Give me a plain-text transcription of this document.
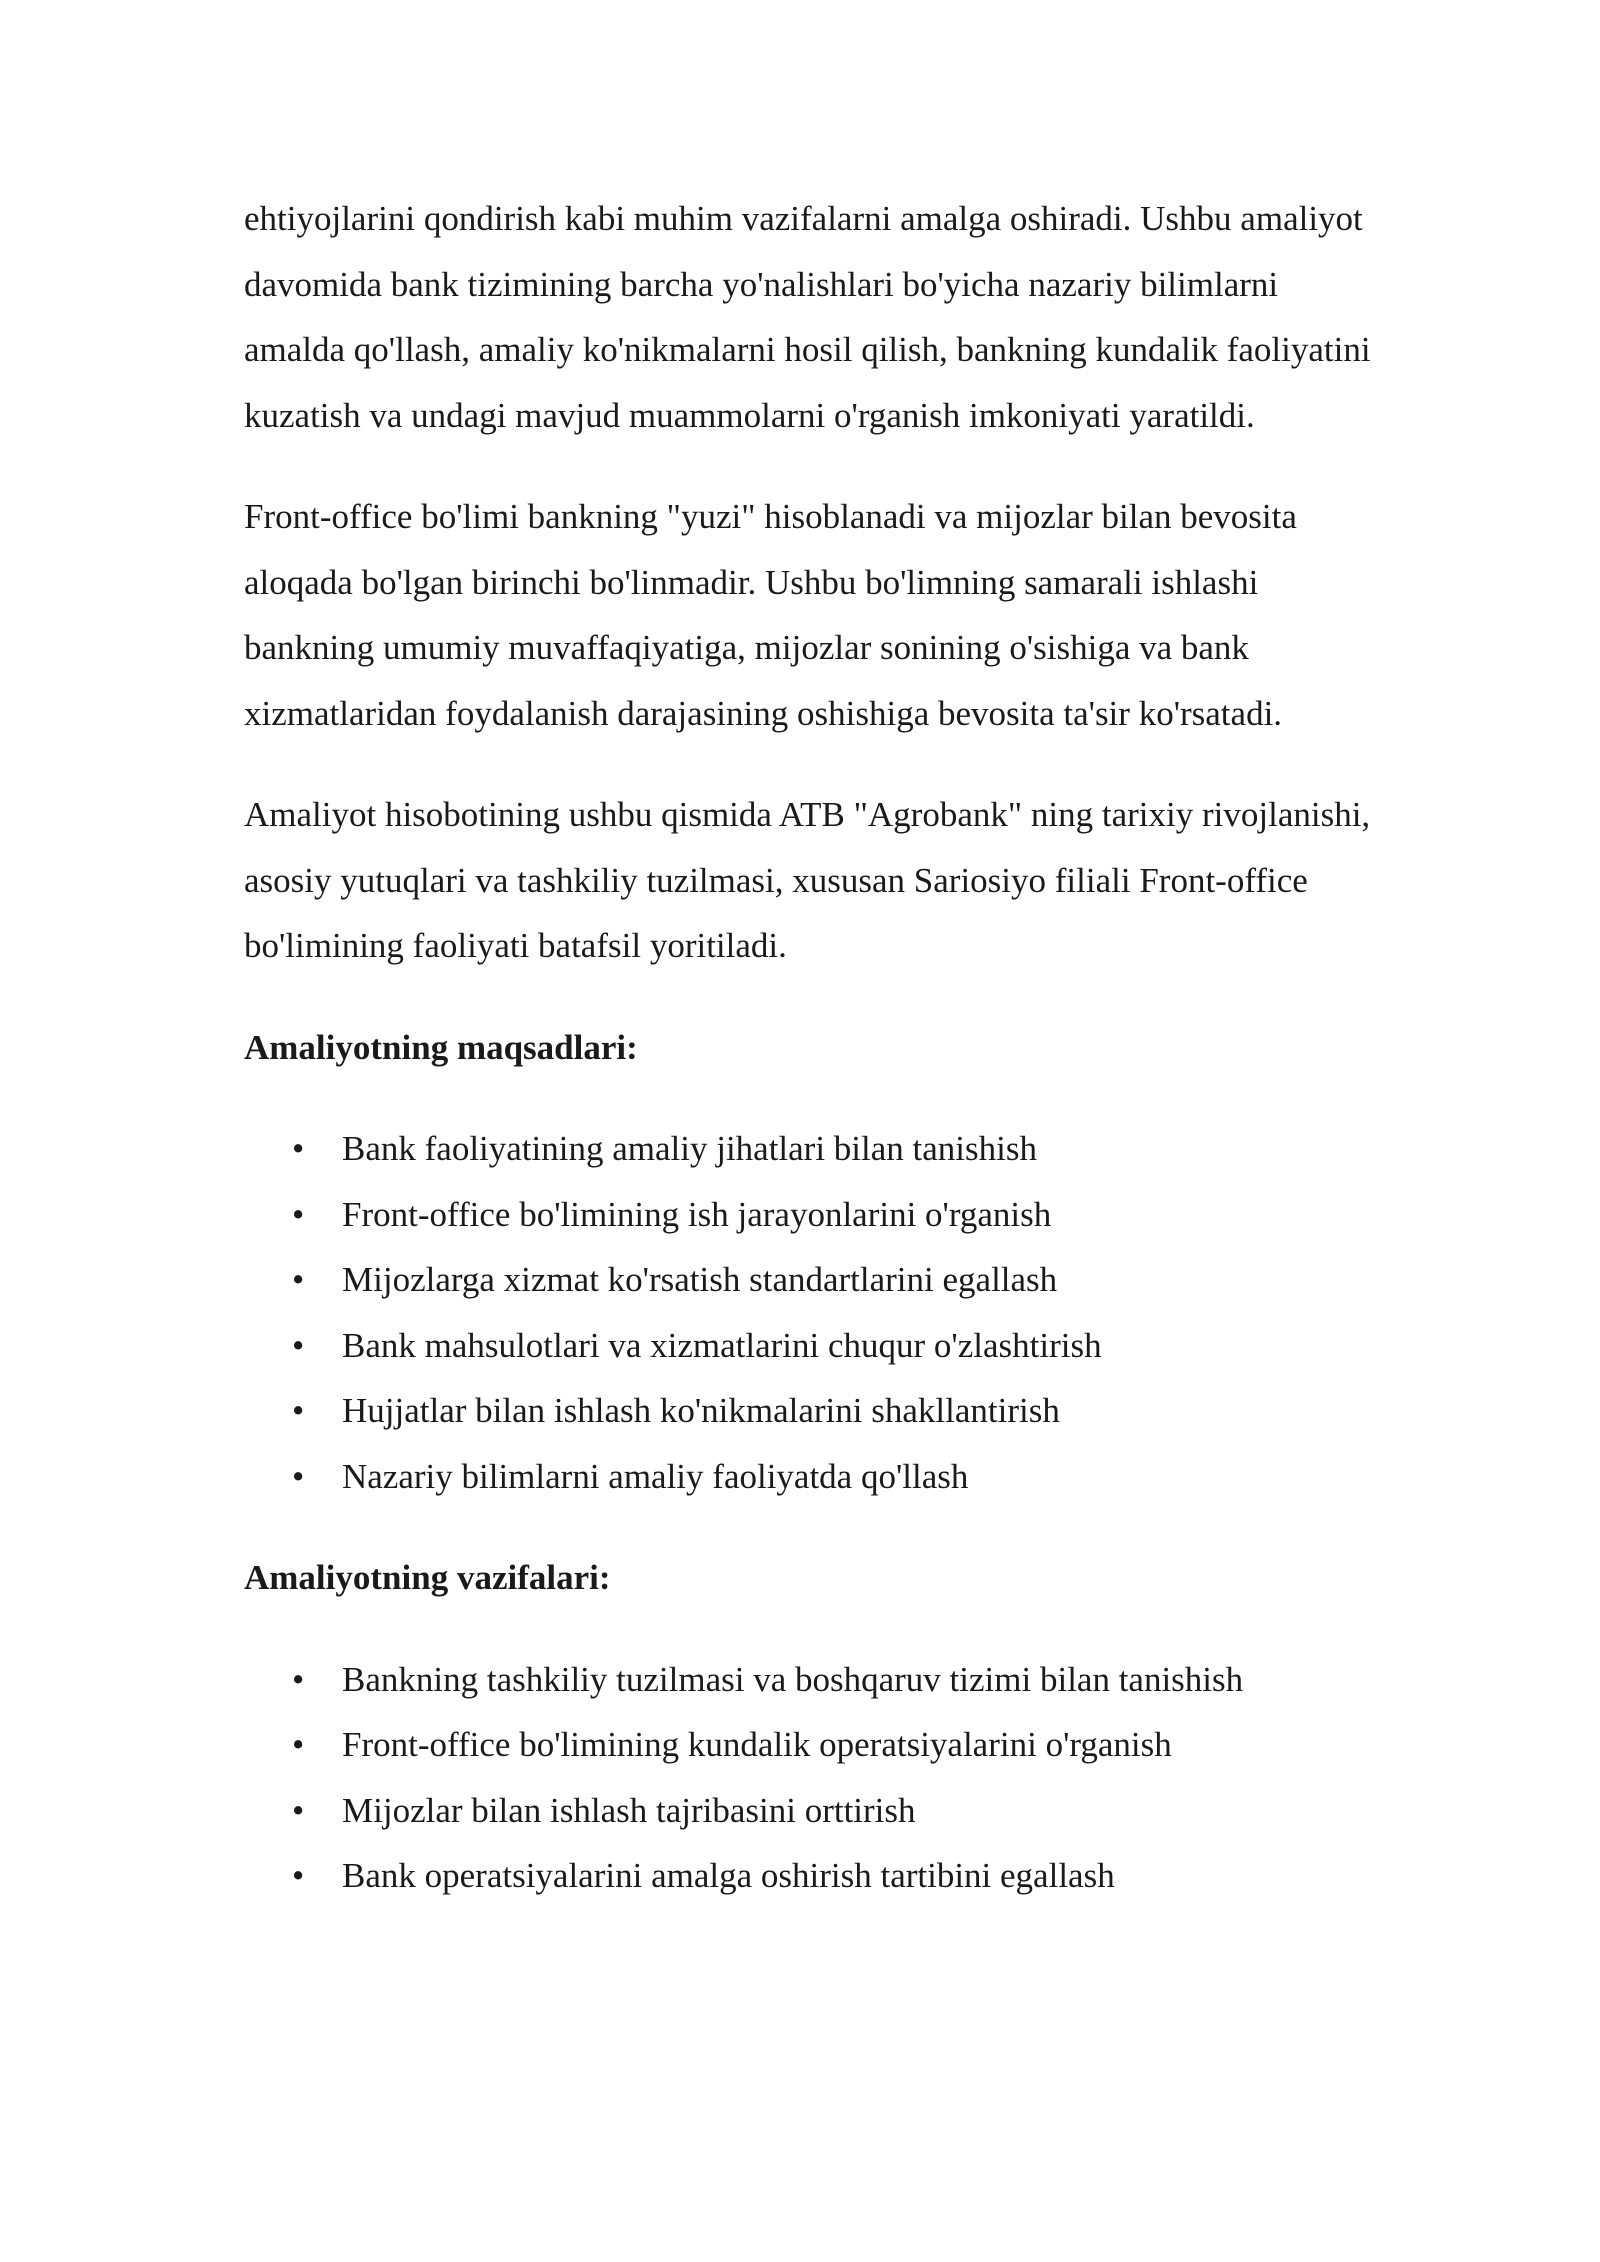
ehtiyojlarini qondirish kabi muhim vazifalarni amalga oshiradi. Ushbu amaliyot davomida bank tizimining barcha yo'nalishlari bo'yicha nazariy bilimlarni amalda qo'llash, amaliy ko'nikmalarni hosil qilish, bankning kundalik faoliyatini kuzatish va undagi mavjud muammolarni o'rganish imkoniyati yaratildi.

Front-office bo'limi bankning "yuzi" hisoblanadi va mijozlar bilan bevosita aloqada bo'lgan birinchi bo'linmadir. Ushbu bo'limning samarali ishlashi bankning umumiy muvaffaqiyatiga, mijozlar sonining o'sishiga va bank xizmatlaridan foydalanish darajasining oshishiga bevosita ta'sir ko'rsatadi.

Amaliyot hisobotining ushbu qismida ATB "Agrobank" ning tarixiy rivojlanishi, asosiy yutuqlari va tashkiliy tuzilmasi, xususan Sariosiyo filiali Front-office bo'limining faoliyati batafsil yoritiladi.

Amaliyotning maqsadlari:
• Bank faoliyatining amaliy jihatlari bilan tanishish
• Front-office bo'limining ish jarayonlarini o'rganish
• Mijozlarga xizmat ko'rsatish standartlarini egallash
• Bank mahsulotlari va xizmatlarini chuqur o'zlashtirish
• Hujjatlar bilan ishlash ko'nikmalarini shakllantirish
• Nazariy bilimlarni amaliy faoliyatda qo'llash
Amaliyotning vazifalari:
• Bankning tashkiliy tuzilmasi va boshqaruv tizimi bilan tanishish
• Front-office bo'limining kundalik operatsiyalarini o'rganish
• Mijozlar bilan ishlash tajribasini orttirish
• Bank operatsiyalarini amalga oshirish tartibini egallash
